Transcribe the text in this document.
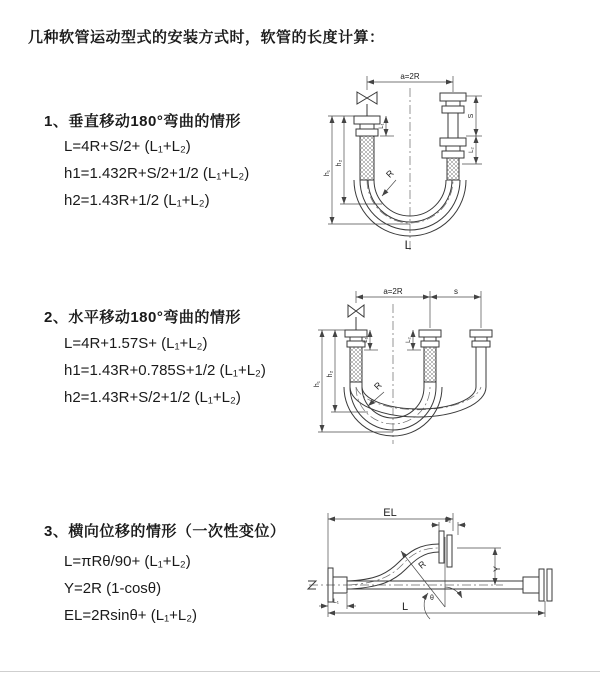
几种软管运动型式的安装方式时，软管的长度计算：
1、垂直移动180°弯曲的情形
L=4R+S/2+ (L₁+L₂)
h1=1.432R+S/2+1/2 (L₁+L₂)
h2=1.43R+1/2 (L₁+L₂)
2、水平移动180°弯曲的情形
L=4R+1.57S+ (L₁+L₂)
h1=1.43R+0.785S+1/2 (L₁+L₂)
h2=1.43R+S/2+1/2 (L₁+L₂)
3、横向位移的情形（一次性变位）
L=πRθ/90+ (L₁+L₂)
Y=2R (1-cosθ)
EL=2Rsinθ+ (L₁+L₂)
a=2R
h₁
h₂
L₁
S
L₂
R
L
a=2R	s
h₁
h₂
L₁	L₂
R
EL
L₂
Y
R
θ
L₁	L
